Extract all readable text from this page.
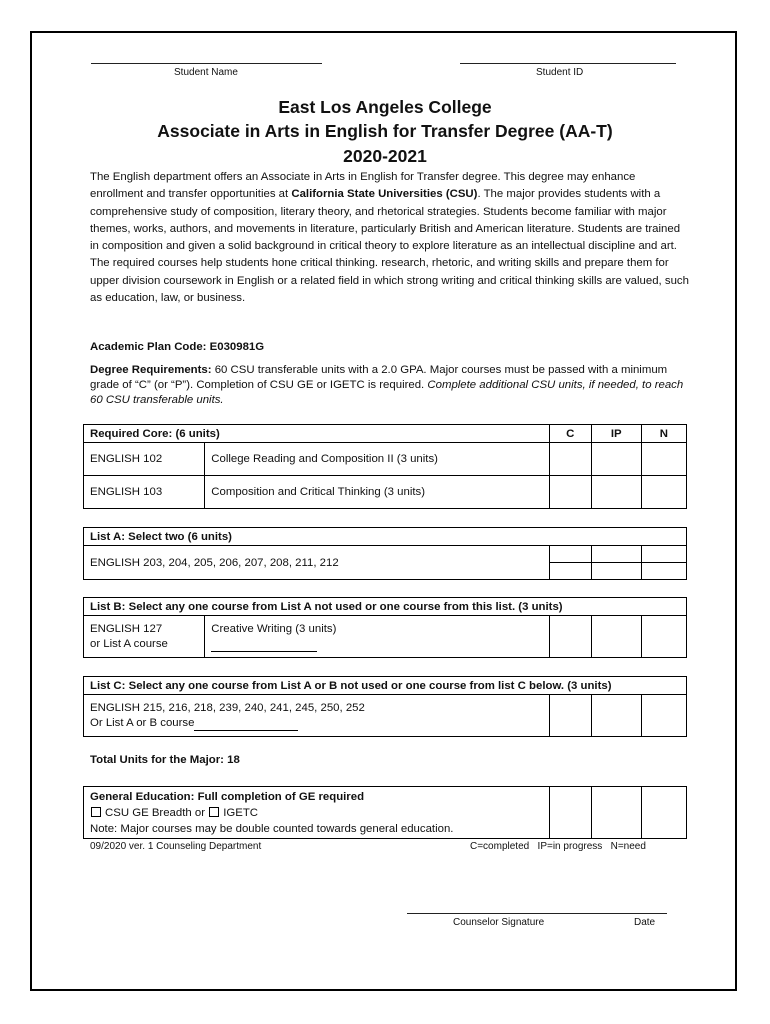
Student Name	Student ID
East Los Angeles College
Associate in Arts in English for Transfer Degree (AA-T)
2020-2021
The English department offers an Associate in Arts in English for Transfer degree. This degree may enhance enrollment and transfer opportunities at California State Universities (CSU). The major provides students with a comprehensive study of composition, literary theory, and rhetorical strategies. Students become familiar with major themes, works, authors, and movements in literature, particularly British and American literature. Students are trained in composition and given a solid background in critical theory to explore literature as an intellectual discipline and art. The required courses help students hone critical thinking. research, rhetoric, and writing skills and prepare them for upper division coursework in English or a related field in which strong writing and critical thinking skills are valued, such as education, law, or business.
Academic Plan Code: E030981G
Degree Requirements: 60 CSU transferable units with a 2.0 GPA. Major courses must be passed with a minimum grade of “C” (or “P”). Completion of CSU GE or IGETC is required. Complete additional CSU units, if needed, to reach 60 CSU transferable units.
Required Core: (6 units)		C	IP	N
ENGLISH 102	College Reading and Composition II (3 units)			
ENGLISH 103	Composition and Critical Thinking (3 units)			
List A: Select two (6 units)			
ENGLISH 203, 204, 205, 206, 207, 208, 211, 212			

List B: Select any one course from List A not used or one course from this list. (3 units)
ENGLISH 127
or List A course	Creative Writing (3 units)

List C: Select any one course from List A or B not used or one course from list C below. (3 units)
ENGLISH 215, 216, 218, 239, 240, 241, 245, 250, 252
Or List A or B course			
Total Units for the Major: 18
General Education: Full completion of GE required
CSU GE Breadth or IGETC
Note: Major courses may be double counted towards general education.			
09/2020 ver. 1 Counseling Department	C=completed   IP=in progress   N=need
Counselor Signature	Date
